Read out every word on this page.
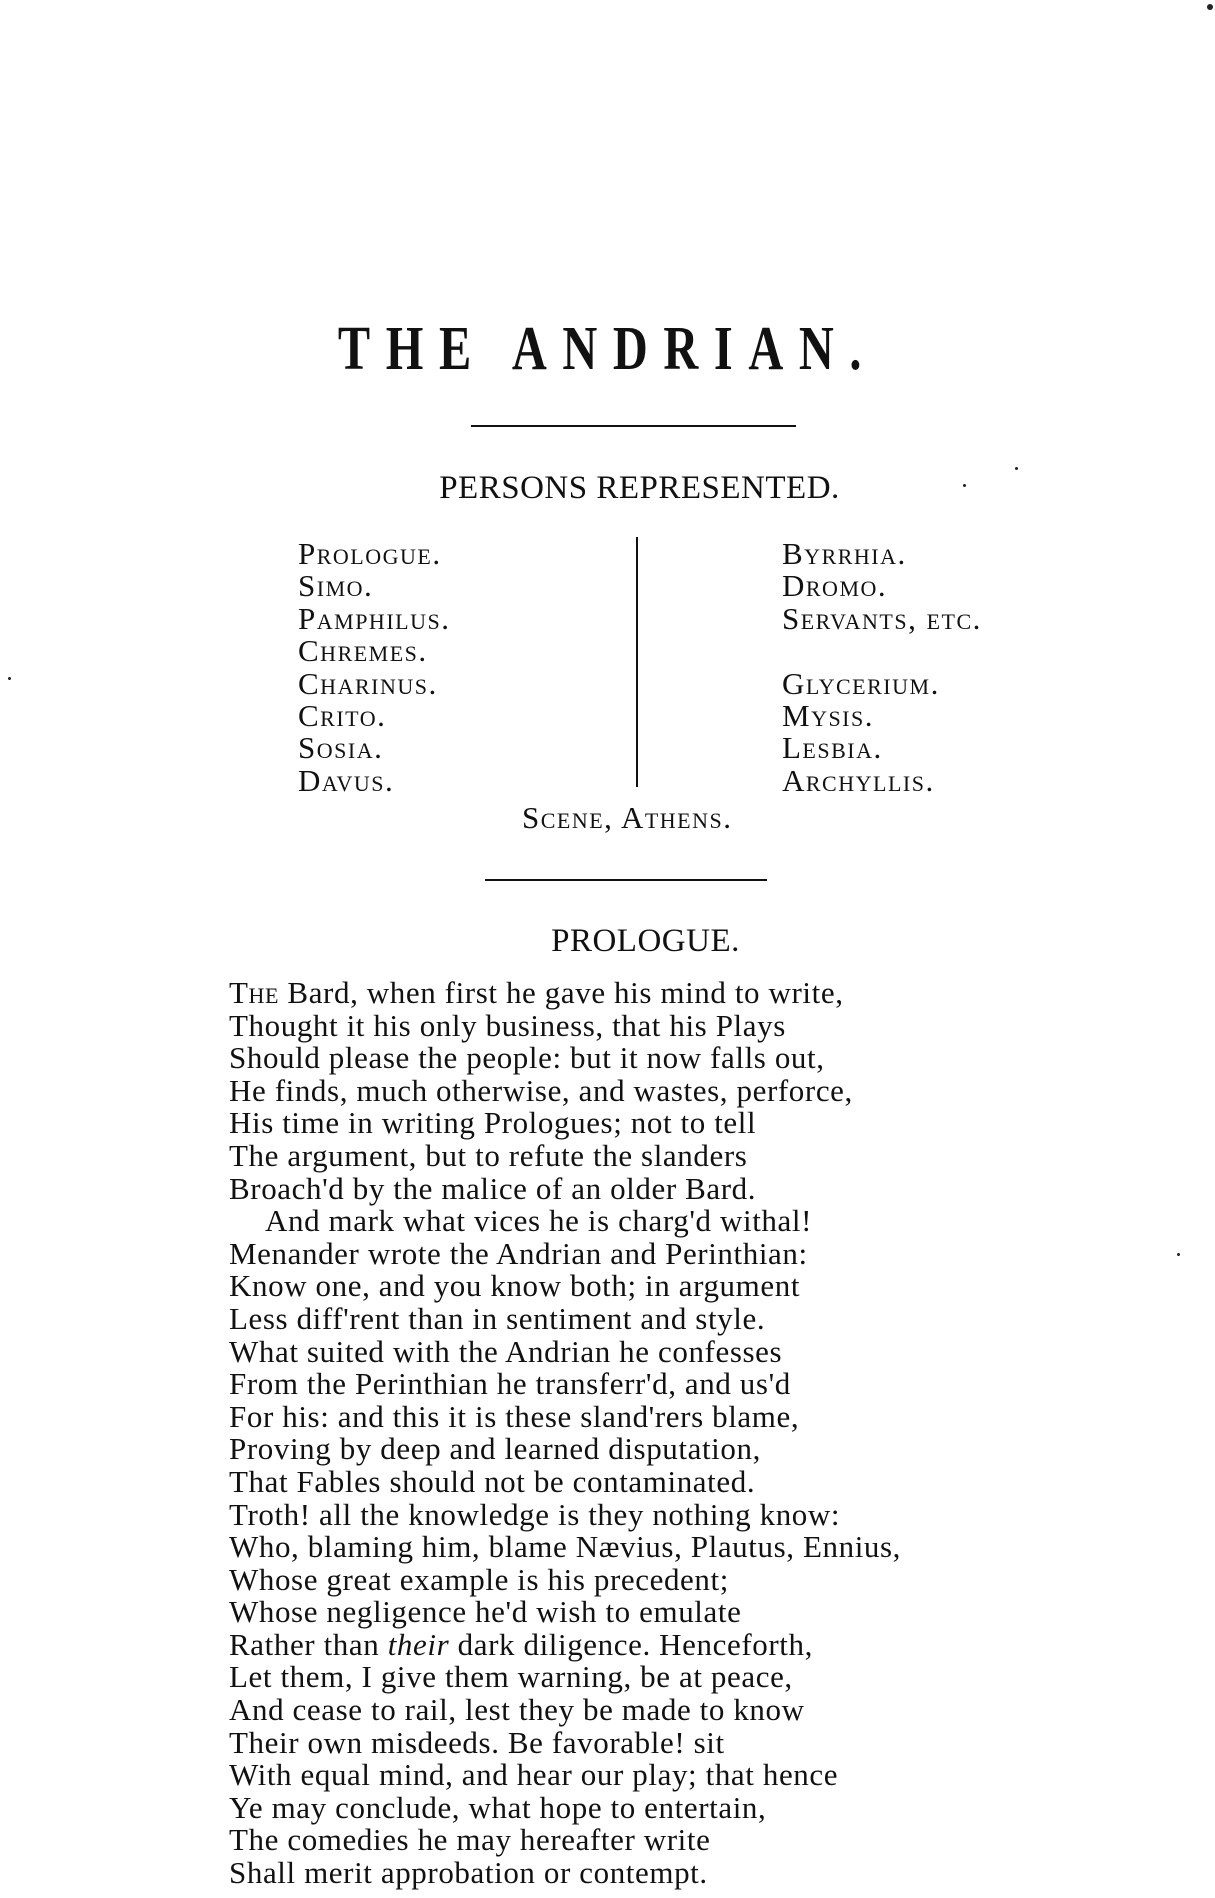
THE ANDRIAN.
PERSONS REPRESENTED.
Prologue.
Simo.
Pamphilus.
Chremes.
Charinus.
Crito.
Sosia.
Davus.
Byrrhia.
Dromo.
Servants, etc.
Glycerium.
Mysis.
Lesbia.
Archyllis.
Scene, Athens.
PROLOGUE.
The Bard, when first he gave his mind to write,
Thought it his only business, that his Plays
Should please the people: but it now falls out,
He finds, much otherwise, and wastes, perforce,
His time in writing Prologues; not to tell
The argument, but to refute the slanders
Broach'd by the malice of an older Bard.
And mark what vices he is charg'd withal!
Menander wrote the Andrian and Perinthian:
Know one, and you know both; in argument
Less diff'rent than in sentiment and style.
What suited with the Andrian he confesses
From the Perinthian he transferr'd, and us'd
For his: and this it is these sland'rers blame,
Proving by deep and learned disputation,
That Fables should not be contaminated.
Troth! all the knowledge is they nothing know:
Who, blaming him, blame Nævius, Plautus, Ennius,
Whose great example is his precedent;
Whose negligence he'd wish to emulate
Rather than their dark diligence. Henceforth,
Let them, I give them warning, be at peace,
And cease to rail, lest they be made to know
Their own misdeeds. Be favorable! sit
With equal mind, and hear our play; that hence
Ye may conclude, what hope to entertain,
The comedies he may hereafter write
Shall merit approbation or contempt.
